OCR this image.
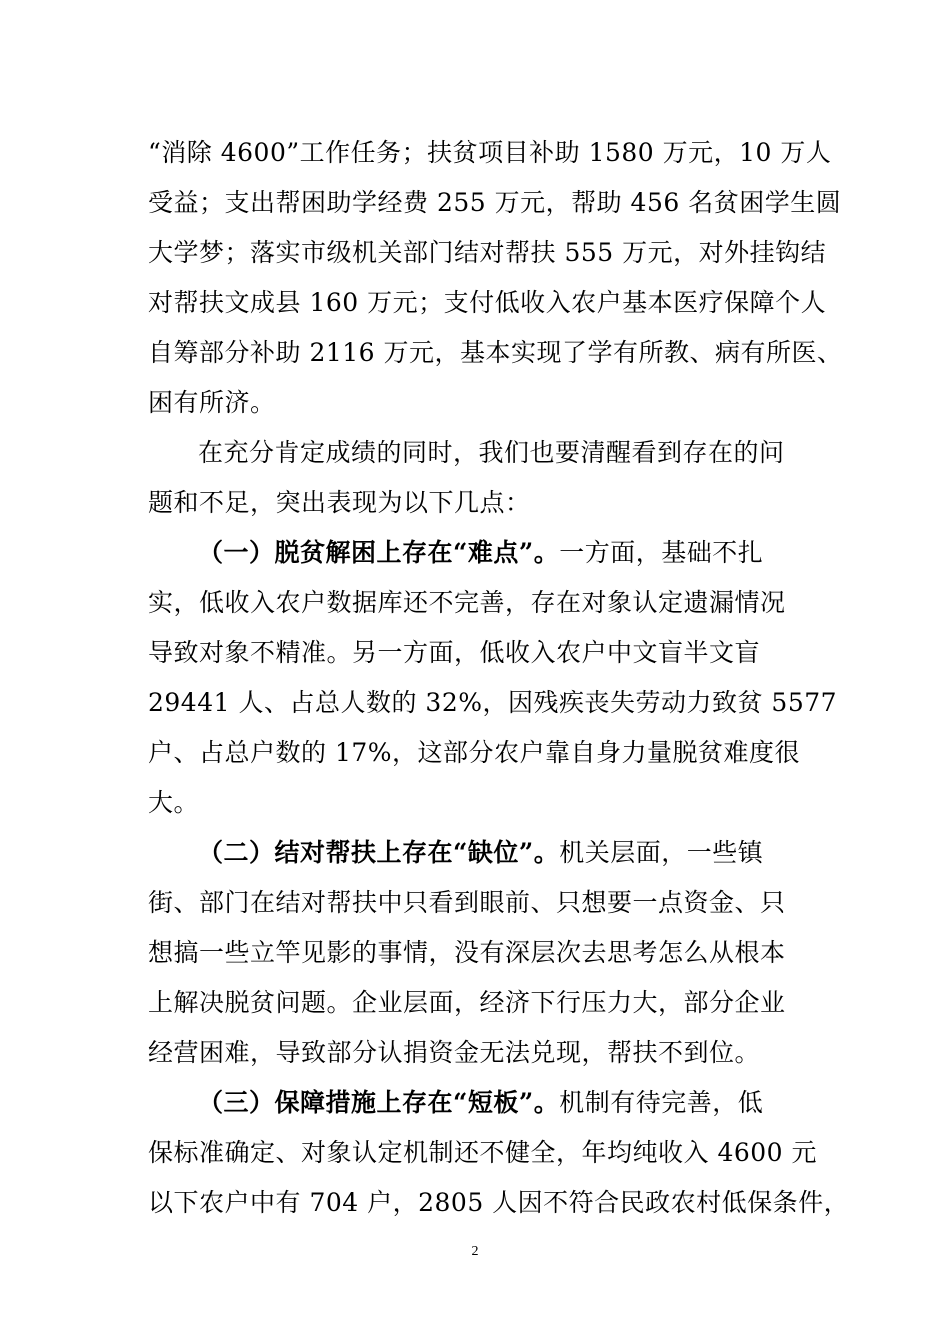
“消除 4600”工作任务；扶贫项目补助 1580 万元，10 万人
受益；支出帮困助学经费 255 万元，帮助 456 名贫困学生圆
大学梦；落实市级机关部门结对帮扶 555 万元，对外挂钩结
对帮扶文成县 160 万元；支付低收入农户基本医疗保障个人
自筹部分补助 2116 万元，基本实现了学有所教、病有所医、
困有所济。
在充分肯定成绩的同时，我们也要清醒看到存在的问
题和不足，突出表现为以下几点：
（一）脱贫解困上存在“难点”。一方面，基础不扎
实，低收入农户数据库还不完善，存在对象认定遗漏情况
导致对象不精准。另一方面，低收入农户中文盲半文盲
29441 人、占总人数的 32%，因残疾丧失劳动力致贫 5577
户、占总户数的 17%，这部分农户靠自身力量脱贫难度很
大。
（二）结对帮扶上存在“缺位”。机关层面，一些镇
街、部门在结对帮扶中只看到眼前、只想要一点资金、只
想搞一些立竿见影的事情，没有深层次去思考怎么从根本
上解决脱贫问题。企业层面，经济下行压力大，部分企业
经营困难，导致部分认捐资金无法兑现，帮扶不到位。
（三）保障措施上存在“短板”。机制有待完善，低
保标准确定、对象认定机制还不健全，年均纯收入 4600 元
以下农户中有 704 户，2805 人因不符合民政农村低保条件，
2
